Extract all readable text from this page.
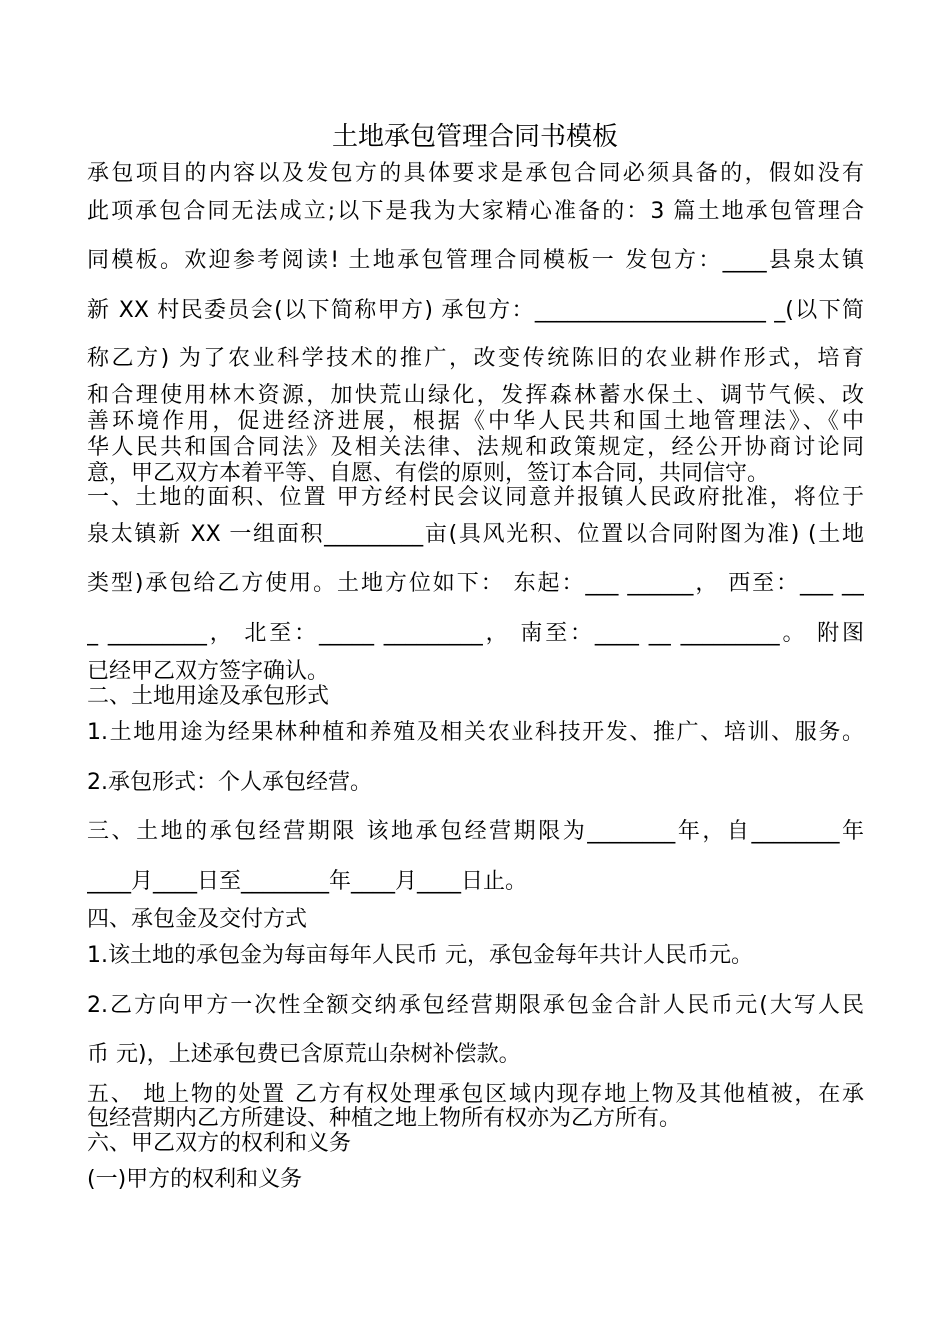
土地承包管理合同书模板
承包项目的内容以及发包方的具体要求是承包合同必须具备的，假如没有
此项承包合同无法成立;以下是我为大家精心准备的：3 篇土地承包管理合
同模板。欢迎参考阅读! 土地承包管理合同模板一 发包方：____县泉太镇
新 XX 村民委员会(以下简称甲方) 承包方：_____________________ _(以下简
称乙方) 为了农业科学技术的推广，改变传统陈旧的农业耕作形式，培育
和合理使用林木资源，加快荒山绿化，发挥森林蓄水保土、调节气候、改
善环境作用，促进经济进展，根据《中华人民共和国土地管理法》、《中
华人民共和国合同法》及相关法律、法规和政策规定，经公开协商讨论同
意，甲乙双方本着平等、自愿、有偿的原则，签订本合同，共同信守。
一、土地的面积、位置 甲方经村民会议同意并报镇人民政府批准，将位于
泉太镇新 XX 一组面积_________亩(具风光积、位置以合同附图为准) (土地
类型)承包给乙方使用。土地方位如下： 东起：___ ______， 西至：___ __
_ _________， 北至：_____ _________， 南至：____ __ _________。 附图
已经甲乙双方签字确认。
二、土地用途及承包形式
1.土地用途为经果林种植和养殖及相关农业科技开发、推广、培训、服务。
2.承包形式：个人承包经营。
三、土地的承包经营期限 该地承包经营期限为________年，自________年
____月____日至________年____月____日止。
四、承包金及交付方式
1.该土地的承包金为每亩每年人民币 元，承包金每年共计人民币元。
2.乙方向甲方一次性全额交纳承包经营期限承包金合計人民币元(大写人民
币 元)，上述承包费已含原荒山杂树补偿款。
五、 地上物的处置 乙方有权处理承包区域内现存地上物及其他植被，在承
包经营期内乙方所建设、种植之地上物所有权亦为乙方所有。
六、甲乙双方的权利和义务
(一)甲方的权利和义务
